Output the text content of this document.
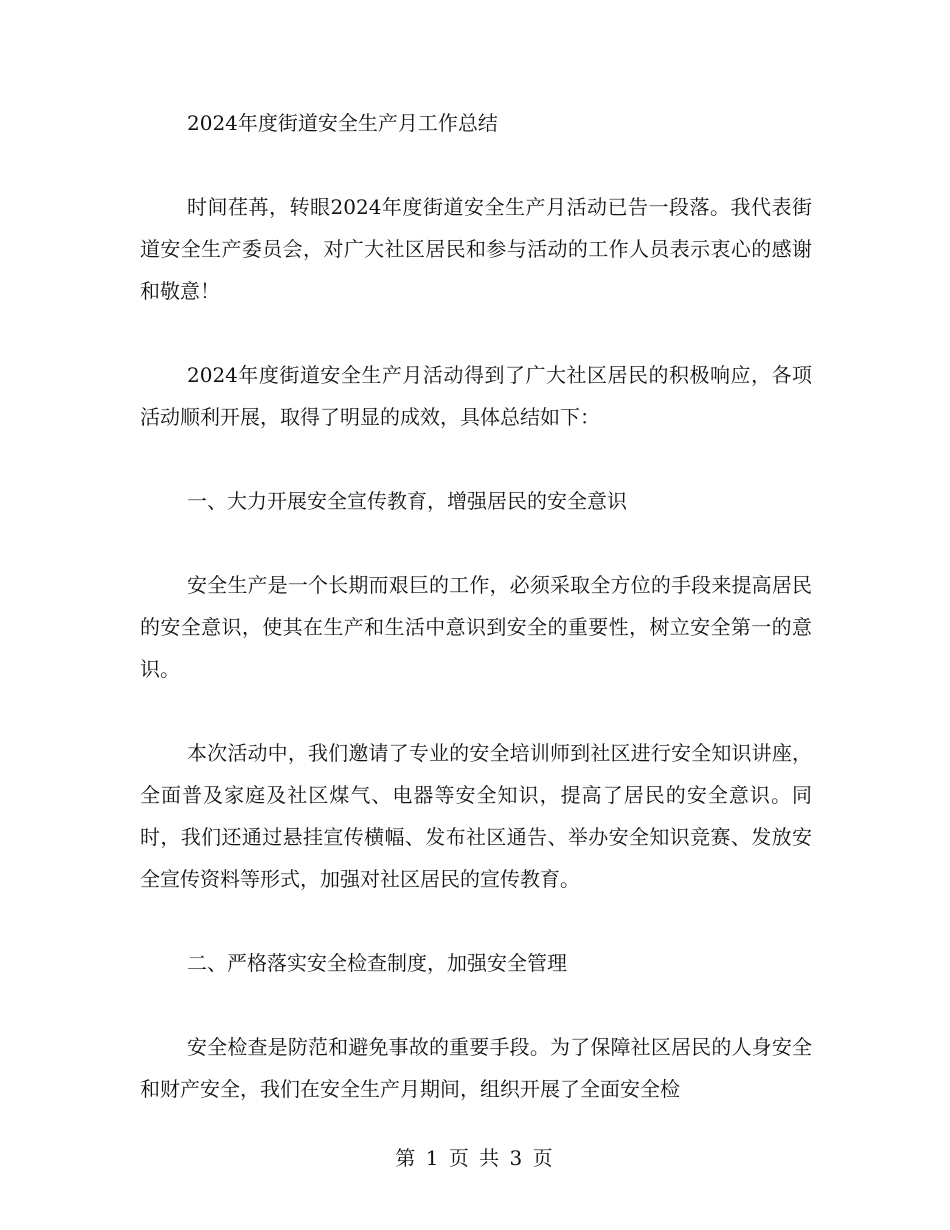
2024年度街道安全生产月工作总结

时间荏苒，转眼2024年度街道安全生产月活动已告一段落。我代表街道安全生产委员会，对广大社区居民和参与活动的工作人员表示衷心的感谢和敬意！

2024年度街道安全生产月活动得到了广大社区居民的积极响应，各项活动顺利开展，取得了明显的成效，具体总结如下：

一、大力开展安全宣传教育，增强居民的安全意识

安全生产是一个长期而艰巨的工作，必须采取全方位的手段来提高居民的安全意识，使其在生产和生活中意识到安全的重要性，树立安全第一的意识。

本次活动中，我们邀请了专业的安全培训师到社区进行安全知识讲座，全面普及家庭及社区煤气、电器等安全知识，提高了居民的安全意识。同时，我们还通过悬挂宣传横幅、发布社区通告、举办安全知识竞赛、发放安全宣传资料等形式，加强对社区居民的宣传教育。

二、严格落实安全检查制度，加强安全管理

安全检查是防范和避免事故的重要手段。为了保障社区居民的人身安全和财产安全，我们在安全生产月期间，组织开展了全面安全检

第 1 页 共 3 页
